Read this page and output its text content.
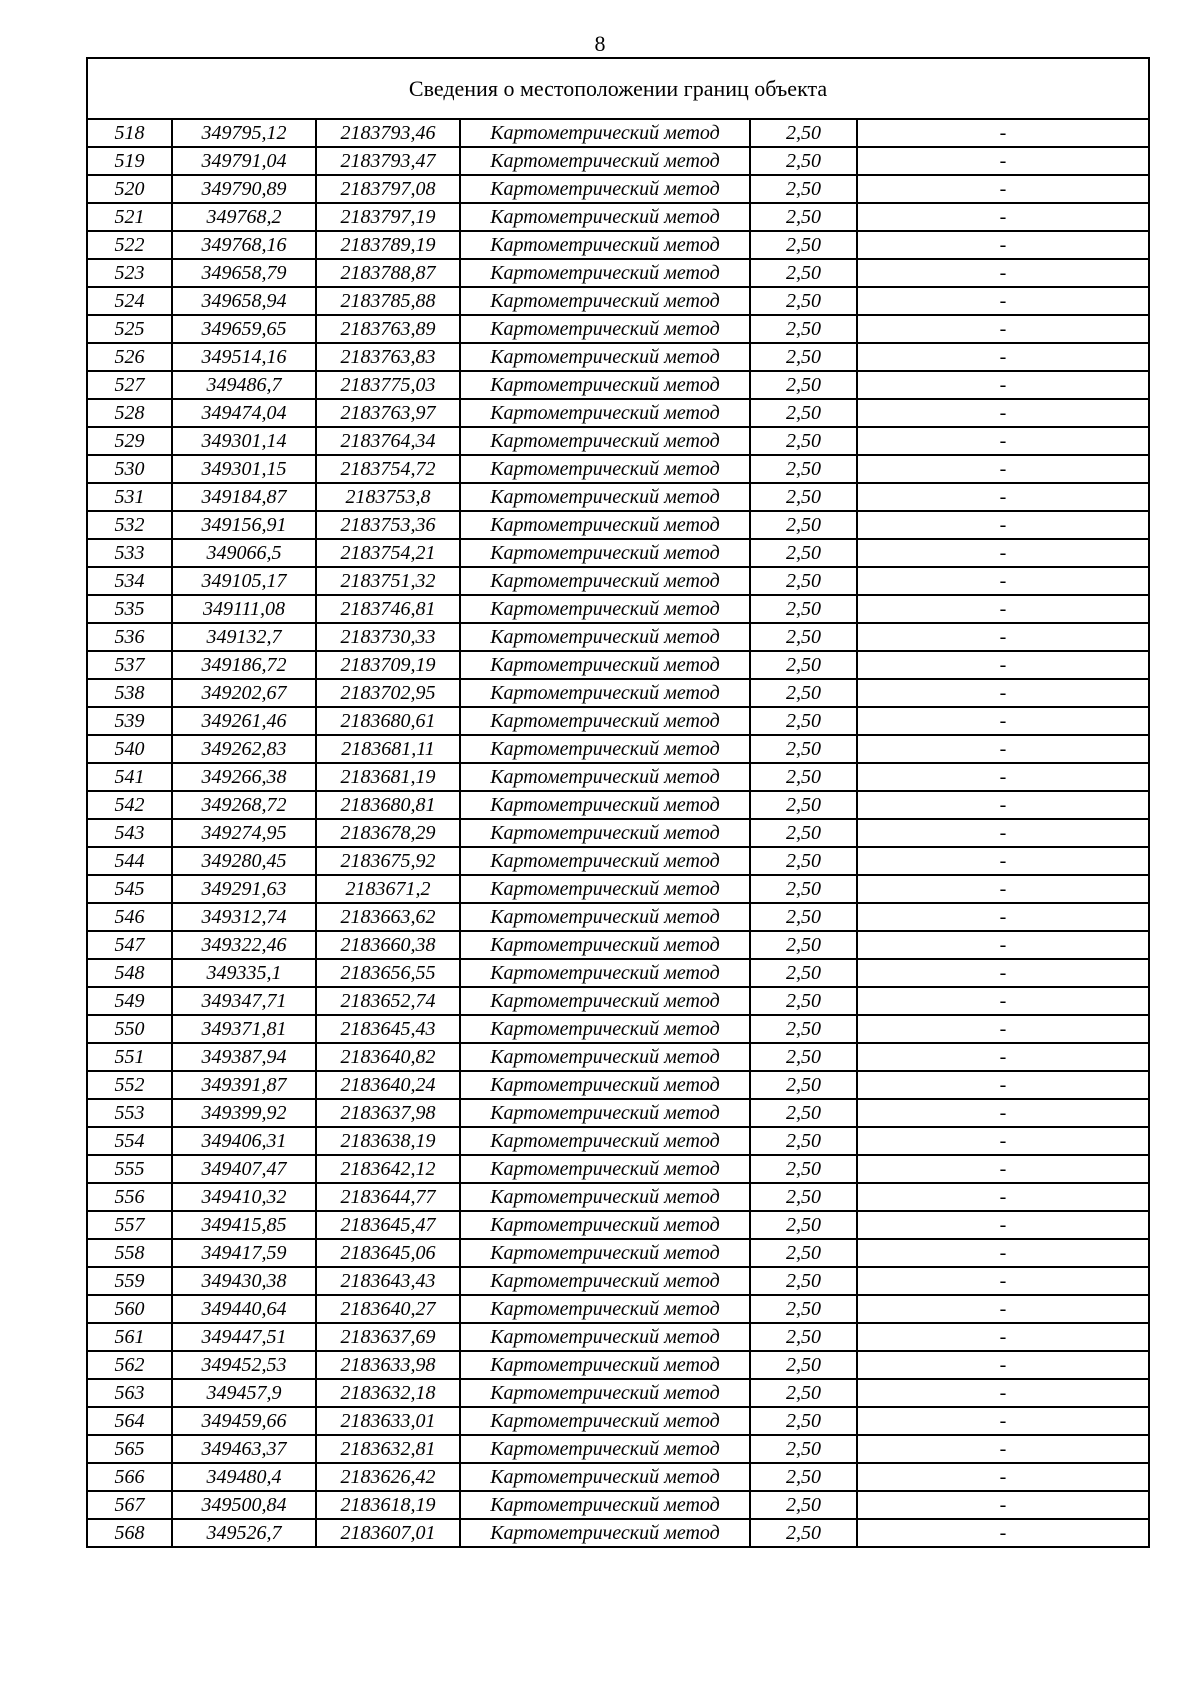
8
Сведения о местоположении границ объекта					
518	349795,12	2183793,46	Картометрический метод	2,50	-
519	349791,04	2183793,47	Картометрический метод	2,50	-
520	349790,89	2183797,08	Картометрический метод	2,50	-
521	349768,2	2183797,19	Картометрический метод	2,50	-
522	349768,16	2183789,19	Картометрический метод	2,50	-
523	349658,79	2183788,87	Картометрический метод	2,50	-
524	349658,94	2183785,88	Картометрический метод	2,50	-
525	349659,65	2183763,89	Картометрический метод	2,50	-
526	349514,16	2183763,83	Картометрический метод	2,50	-
527	349486,7	2183775,03	Картометрический метод	2,50	-
528	349474,04	2183763,97	Картометрический метод	2,50	-
529	349301,14	2183764,34	Картометрический метод	2,50	-
530	349301,15	2183754,72	Картометрический метод	2,50	-
531	349184,87	2183753,8	Картометрический метод	2,50	-
532	349156,91	2183753,36	Картометрический метод	2,50	-
533	349066,5	2183754,21	Картометрический метод	2,50	-
534	349105,17	2183751,32	Картометрический метод	2,50	-
535	349111,08	2183746,81	Картометрический метод	2,50	-
536	349132,7	2183730,33	Картометрический метод	2,50	-
537	349186,72	2183709,19	Картометрический метод	2,50	-
538	349202,67	2183702,95	Картометрический метод	2,50	-
539	349261,46	2183680,61	Картометрический метод	2,50	-
540	349262,83	2183681,11	Картометрический метод	2,50	-
541	349266,38	2183681,19	Картометрический метод	2,50	-
542	349268,72	2183680,81	Картометрический метод	2,50	-
543	349274,95	2183678,29	Картометрический метод	2,50	-
544	349280,45	2183675,92	Картометрический метод	2,50	-
545	349291,63	2183671,2	Картометрический метод	2,50	-
546	349312,74	2183663,62	Картометрический метод	2,50	-
547	349322,46	2183660,38	Картометрический метод	2,50	-
548	349335,1	2183656,55	Картометрический метод	2,50	-
549	349347,71	2183652,74	Картометрический метод	2,50	-
550	349371,81	2183645,43	Картометрический метод	2,50	-
551	349387,94	2183640,82	Картометрический метод	2,50	-
552	349391,87	2183640,24	Картометрический метод	2,50	-
553	349399,92	2183637,98	Картометрический метод	2,50	-
554	349406,31	2183638,19	Картометрический метод	2,50	-
555	349407,47	2183642,12	Картометрический метод	2,50	-
556	349410,32	2183644,77	Картометрический метод	2,50	-
557	349415,85	2183645,47	Картометрический метод	2,50	-
558	349417,59	2183645,06	Картометрический метод	2,50	-
559	349430,38	2183643,43	Картометрический метод	2,50	-
560	349440,64	2183640,27	Картометрический метод	2,50	-
561	349447,51	2183637,69	Картометрический метод	2,50	-
562	349452,53	2183633,98	Картометрический метод	2,50	-
563	349457,9	2183632,18	Картометрический метод	2,50	-
564	349459,66	2183633,01	Картометрический метод	2,50	-
565	349463,37	2183632,81	Картометрический метод	2,50	-
566	349480,4	2183626,42	Картометрический метод	2,50	-
567	349500,84	2183618,19	Картометрический метод	2,50	-
568	349526,7	2183607,01	Картометрический метод	2,50	-
